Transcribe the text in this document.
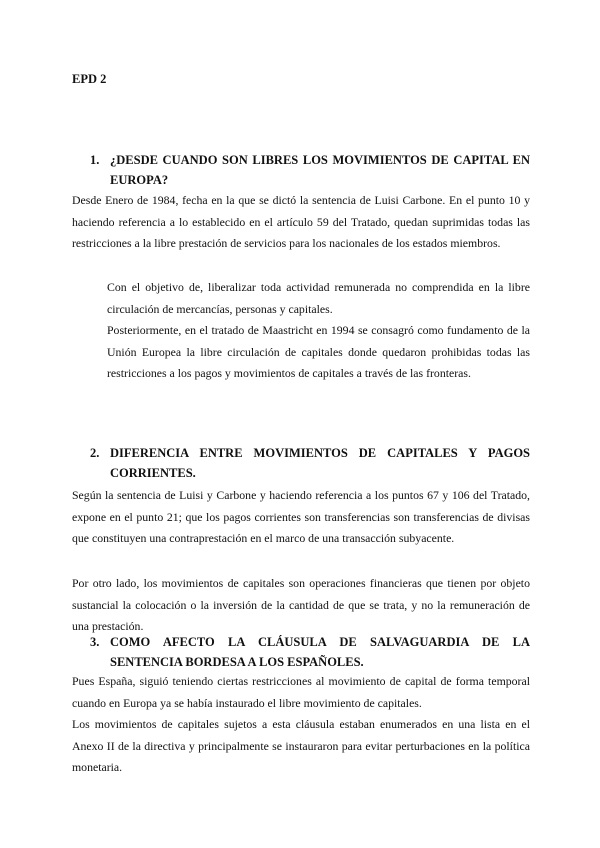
EPD 2
1. ¿DESDE CUANDO SON LIBRES LOS MOVIMIENTOS DE CAPITAL EN EUROPA?

Desde Enero de 1984, fecha en la que se dictó la sentencia de Luisi Carbone. En el punto 10 y haciendo referencia a lo establecido en el artículo 59 del Tratado, quedan suprimidas todas las restricciones a la libre prestación de servicios para los nacionales de los estados miembros.

Con el objetivo de, liberalizar toda actividad remunerada no comprendida en la libre circulación de mercancías, personas y capitales.

Posteriormente, en el tratado de Maastricht en 1994 se consagró como fundamento de la Unión Europea la libre circulación de capitales donde quedaron prohibidas todas las restricciones a los pagos y movimientos de capitales a través de las fronteras.

2. DIFERENCIA ENTRE MOVIMIENTOS DE CAPITALES Y PAGOS CORRIENTES.

Según la sentencia de Luisi y Carbone y haciendo referencia a los puntos 67 y 106 del Tratado, expone en el punto 21; que los pagos corrientes son transferencias son transferencias de divisas que constituyen una contraprestación en el marco de una transacción subyacente.

Por otro lado, los movimientos de capitales son operaciones financieras que tienen por objeto sustancial la colocación o la inversión de la cantidad de que se trata, y no la remuneración de una prestación.

3. COMO AFECTO LA CLÁUSULA DE SALVAGUARDIA DE LA SENTENCIA BORDESA A LOS ESPAÑOLES.

Pues España, siguió teniendo ciertas restricciones al movimiento de capital de forma temporal cuando en Europa ya se había instaurado el libre movimiento de capitales.

Los movimientos de capitales sujetos a esta cláusula estaban enumerados en una lista en el Anexo II de la directiva y principalmente se instauraron para evitar perturbaciones en la política monetaria.
